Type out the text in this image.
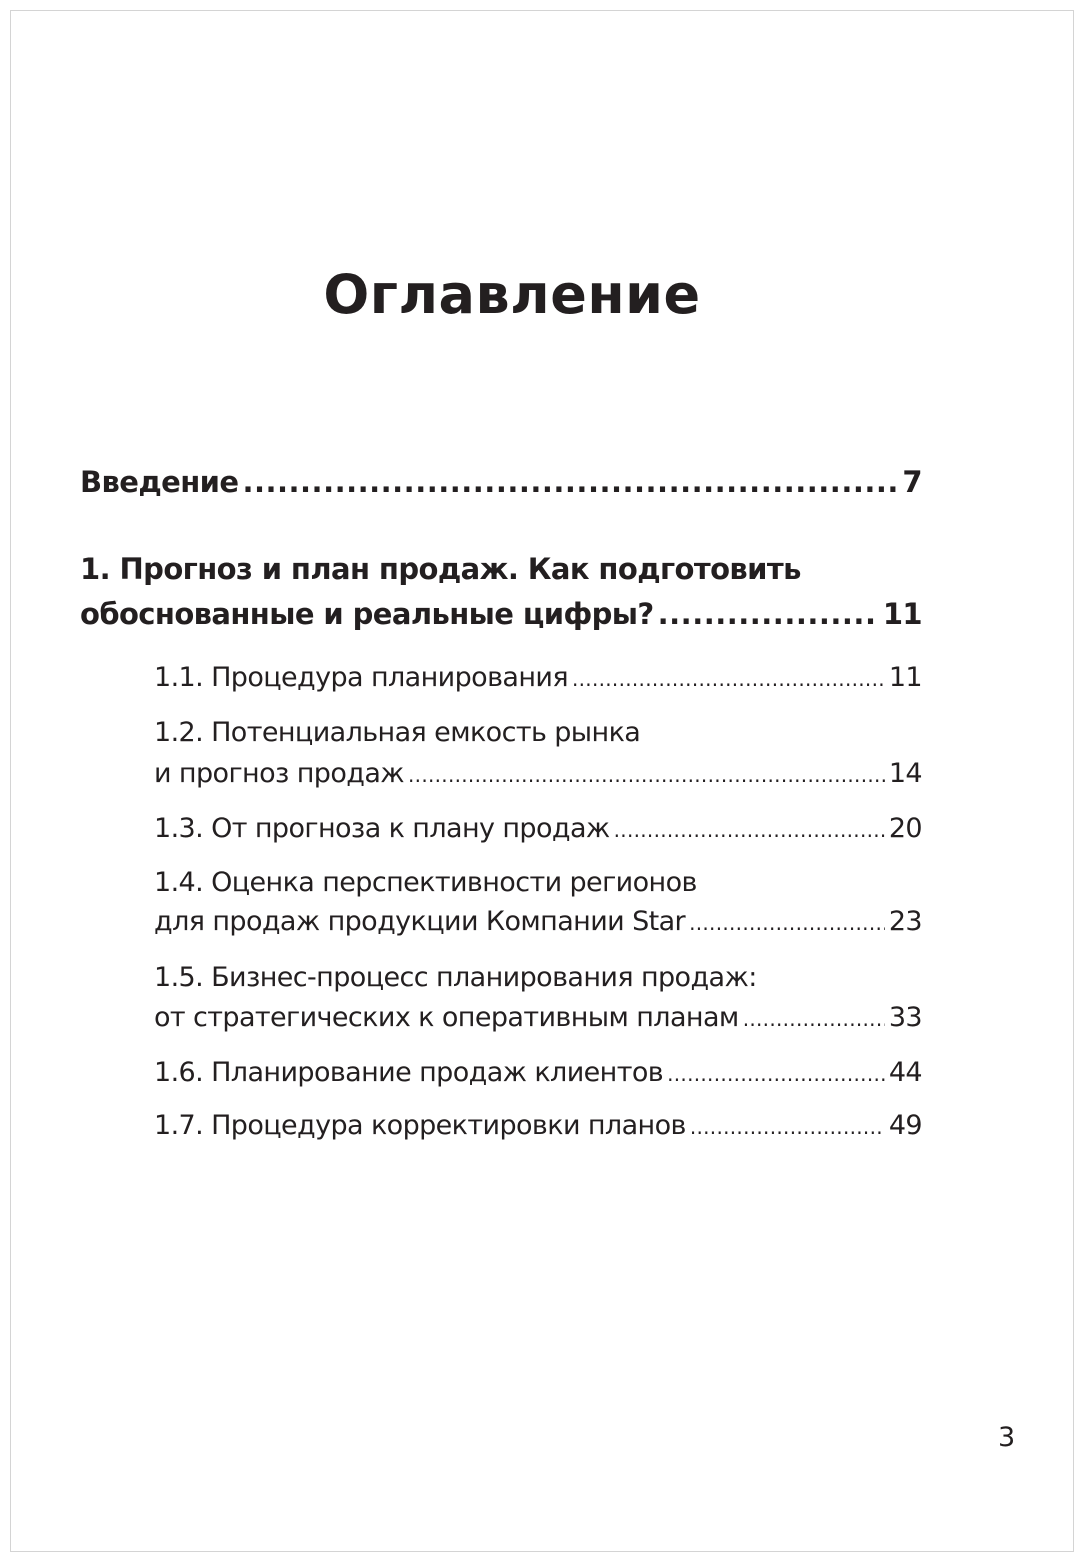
Оглавление
Введение .....	7
1. Прогноз и план продаж. Как подготовить
обоснованные и реальные цифры? .....	11
1.1. Процедура планирования .....	11
1.2. Потенциальная емкость рынка
и прогноз продаж .....	14
1.3. От прогноза к плану продаж .....	20
1.4. Оценка перспективности регионов
для продаж продукции Компании Star .....	23
1.5. Бизнес-процесс планирования продаж:
от стратегических к оперативным планам .....	33
1.6. Планирование продаж клиентов .....	44
1.7. Процедура корректировки планов .....	49
3
